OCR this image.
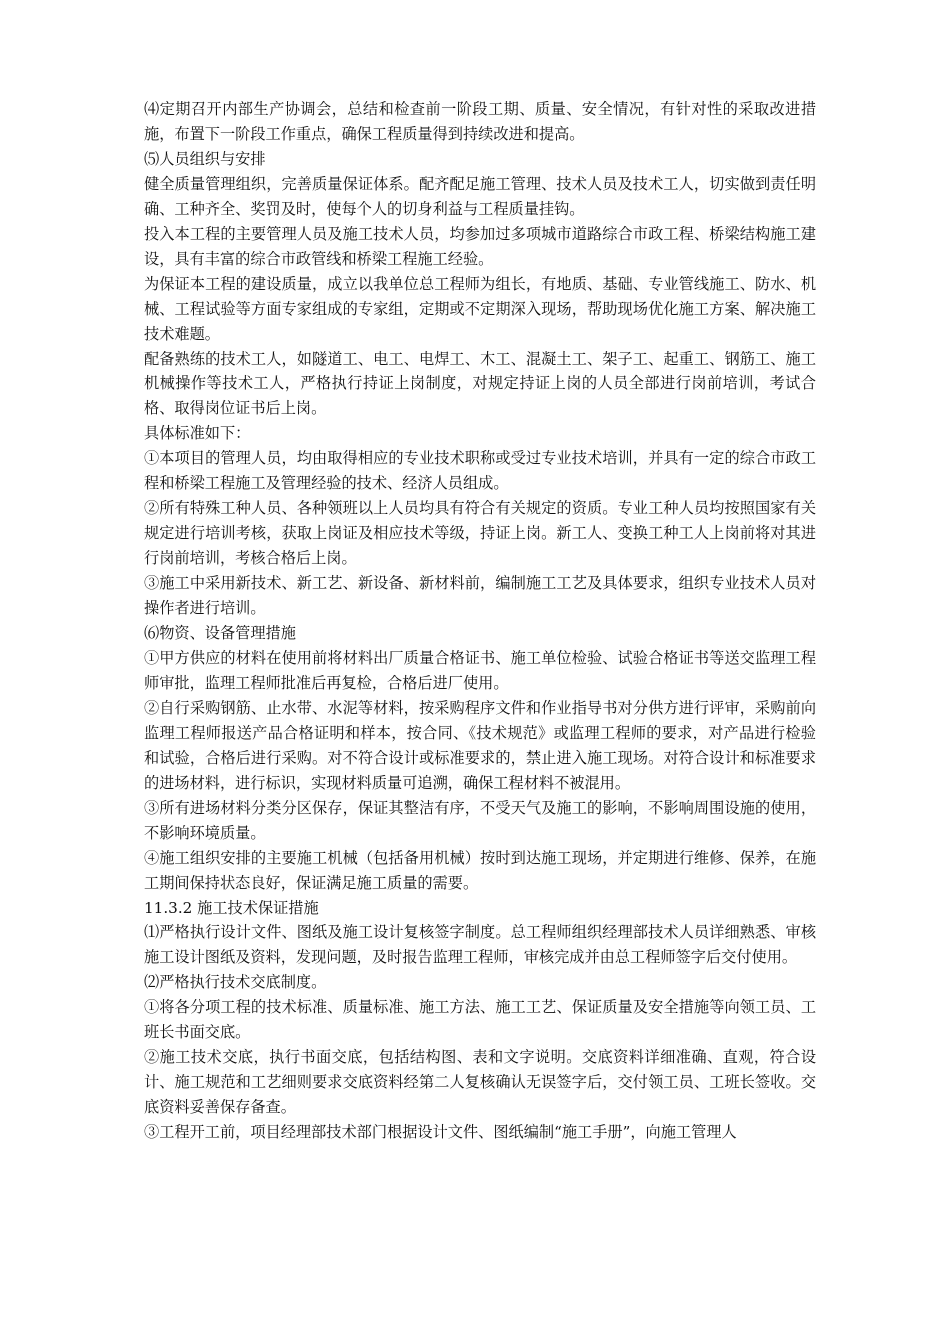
⑷定期召开内部生产协调会，总结和检查前一阶段工期、质量、安全情况，有针对性的采取改进措施，布置下一阶段工作重点，确保工程质量得到持续改进和提高。

⑸人员组织与安排

健全质量管理组织，完善质量保证体系。配齐配足施工管理、技术人员及技术工人，切实做到责任明确、工种齐全、奖罚及时，使每个人的切身利益与工程质量挂钩。

投入本工程的主要管理人员及施工技术人员，均参加过多项城市道路综合市政工程、桥梁结构施工建设，具有丰富的综合市政管线和桥梁工程施工经验。

为保证本工程的建设质量，成立以我单位总工程师为组长，有地质、基础、专业管线施工、防水、机械、工程试验等方面专家组成的专家组，定期或不定期深入现场，帮助现场优化施工方案、解决施工技术难题。

配备熟练的技术工人，如隧道工、电工、电焊工、木工、混凝土工、架子工、起重工、钢筋工、施工机械操作等技术工人，严格执行持证上岗制度，对规定持证上岗的人员全部进行岗前培训，考试合格、取得岗位证书后上岗。

具体标准如下：

①本项目的管理人员，均由取得相应的专业技术职称或受过专业技术培训，并具有一定的综合市政工程和桥梁工程施工及管理经验的技术、经济人员组成。

②所有特殊工种人员、各种领班以上人员均具有符合有关规定的资质。专业工种人员均按照国家有关规定进行培训考核，获取上岗证及相应技术等级，持证上岗。新工人、变换工种工人上岗前将对其进行岗前培训，考核合格后上岗。

③施工中采用新技术、新工艺、新设备、新材料前，编制施工工艺及具体要求，组织专业技术人员对操作者进行培训。

⑹物资、设备管理措施

①甲方供应的材料在使用前将材料出厂质量合格证书、施工单位检验、试验合格证书等送交监理工程师审批，监理工程师批准后再复检，合格后进厂使用。

②自行采购钢筋、止水带、水泥等材料，按采购程序文件和作业指导书对分供方进行评审，采购前向监理工程师报送产品合格证明和样本，按合同、《技术规范》或监理工程师的要求，对产品进行检验和试验，合格后进行采购。对不符合设计或标准要求的，禁止进入施工现场。对符合设计和标准要求的进场材料，进行标识，实现材料质量可追溯，确保工程材料不被混用。

③所有进场材料分类分区保存，保证其整洁有序，不受天气及施工的影响，不影响周围设施的使用，不影响环境质量。

④施工组织安排的主要施工机械（包括备用机械）按时到达施工现场，并定期进行维修、保养，在施工期间保持状态良好，保证满足施工质量的需要。

11.3.2 施工技术保证措施

⑴严格执行设计文件、图纸及施工设计复核签字制度。总工程师组织经理部技术人员详细熟悉、审核施工设计图纸及资料，发现问题，及时报告监理工程师，审核完成并由总工程师签字后交付使用。

⑵严格执行技术交底制度。

①将各分项工程的技术标准、质量标准、施工方法、施工工艺、保证质量及安全措施等向领工员、工班长书面交底。

②施工技术交底，执行书面交底，包括结构图、表和文字说明。交底资料详细准确、直观，符合设计、施工规范和工艺细则要求交底资料经第二人复核确认无误签字后，交付领工员、工班长签收。交底资料妥善保存备查。

③工程开工前，项目经理部技术部门根据设计文件、图纸编制“施工手册”，向施工管理人
